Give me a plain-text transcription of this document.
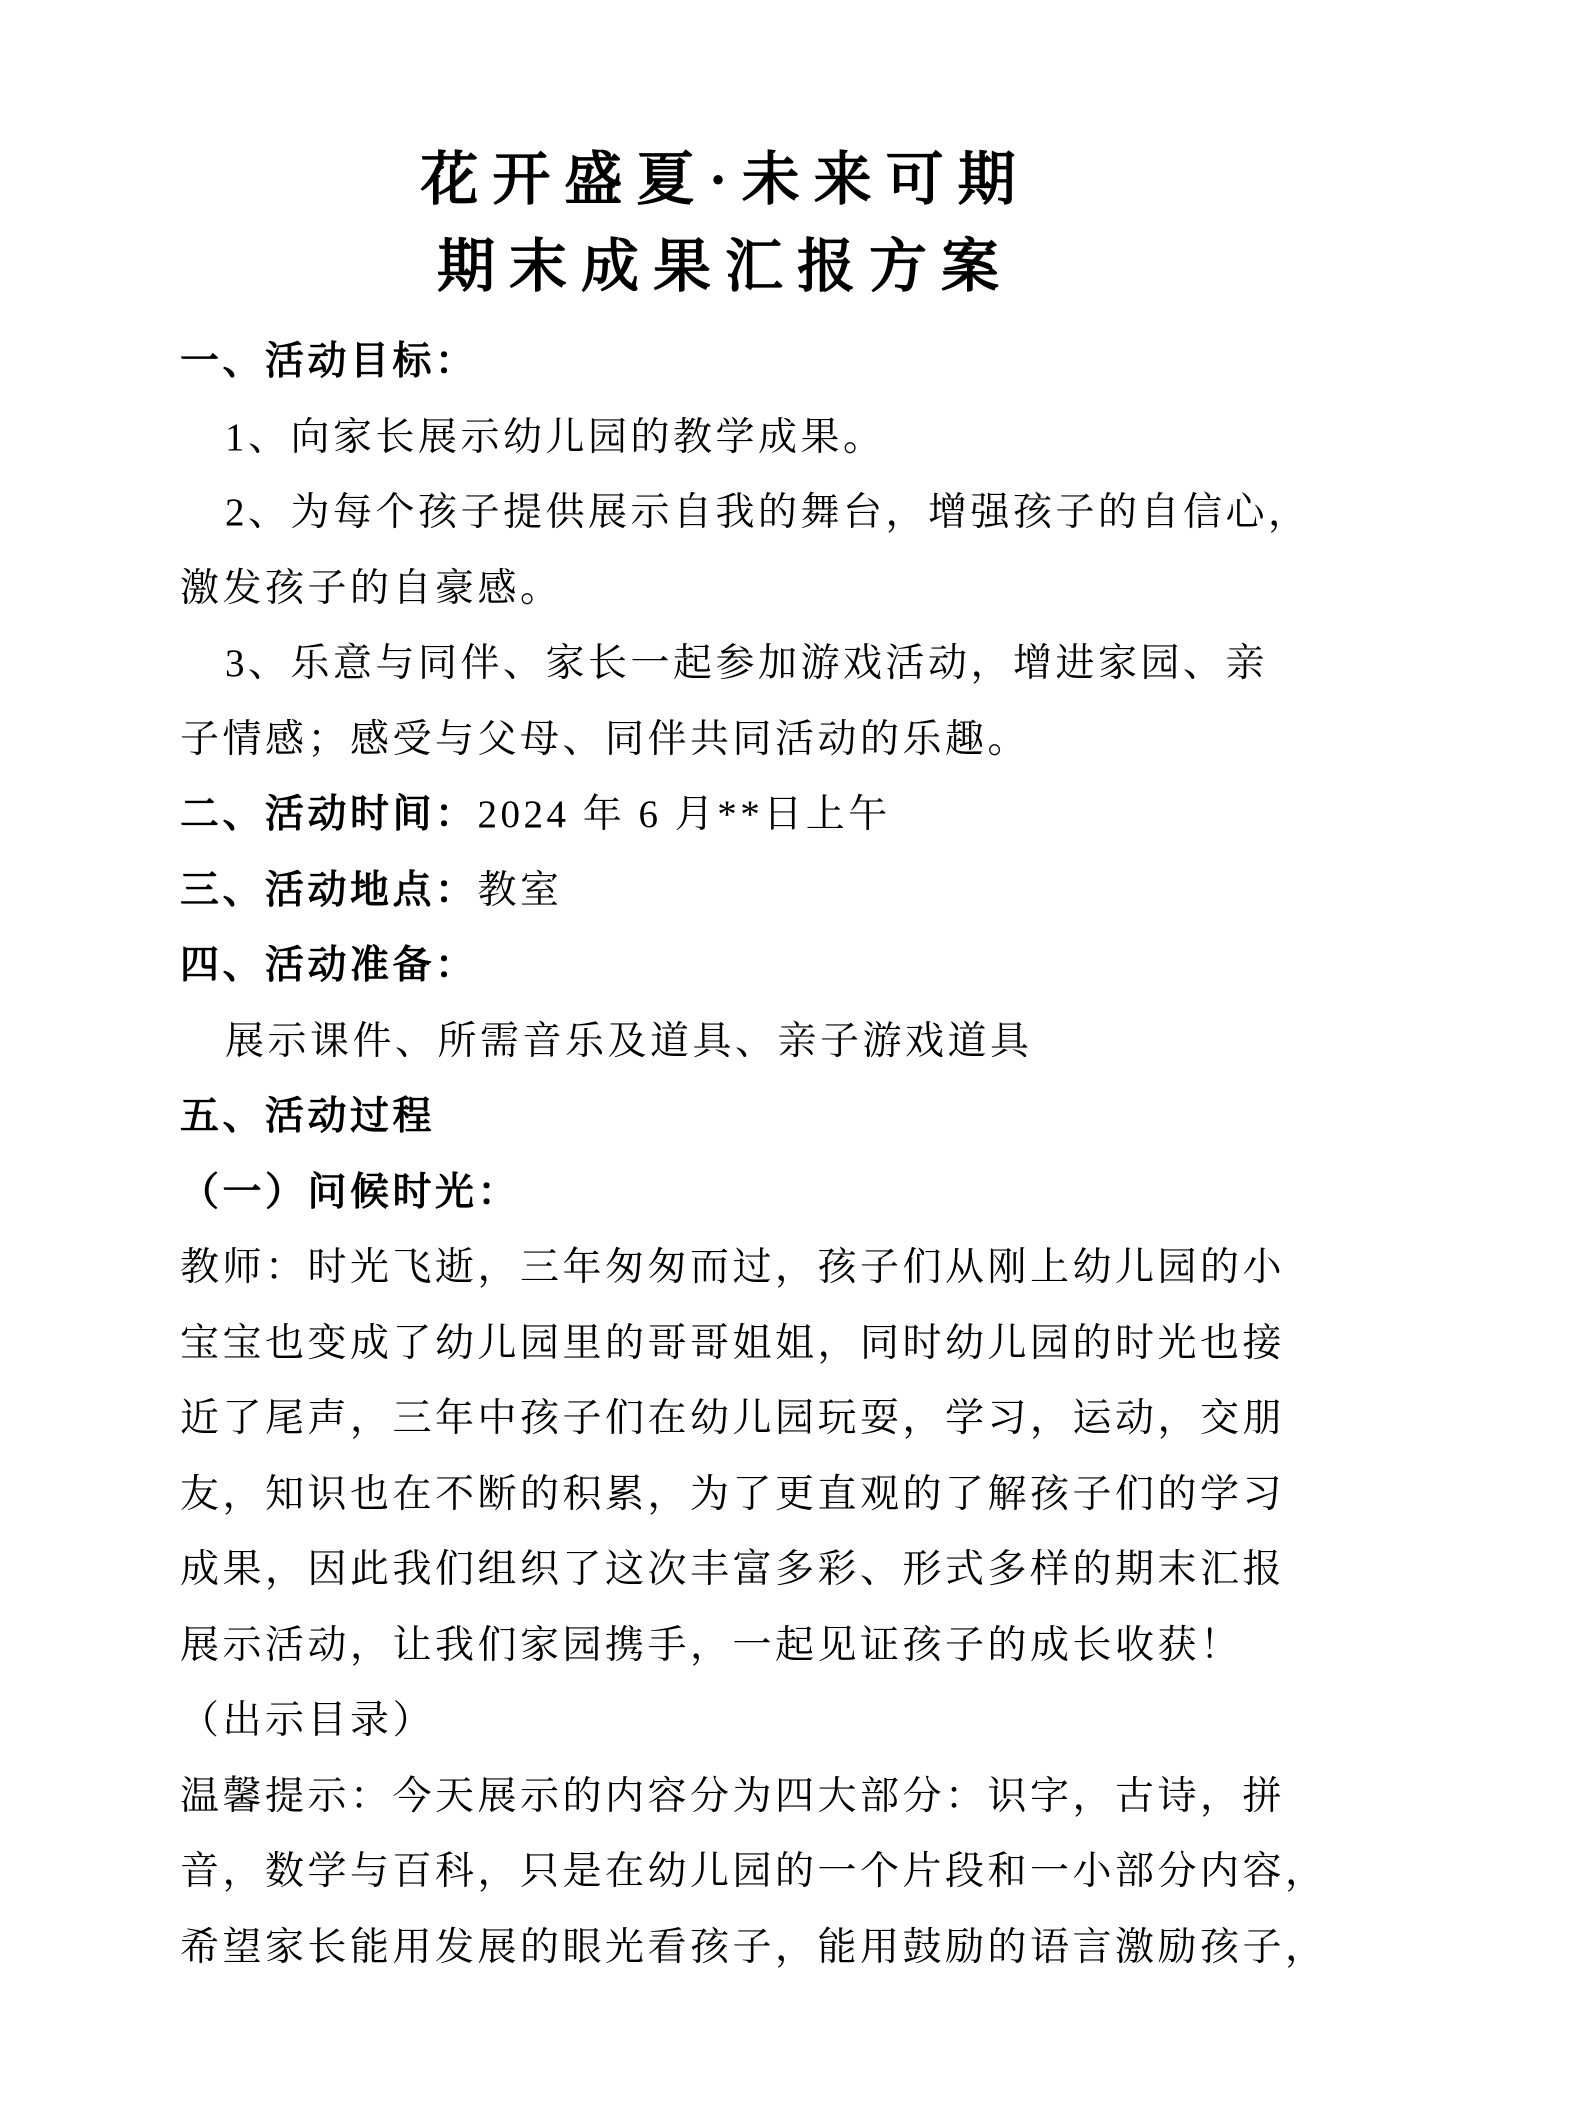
花开盛夏·未来可期
期末成果汇报方案
一、活动目标：
1、向家长展示幼儿园的教学成果。
2、为每个孩子提供展示自我的舞台，增强孩子的自信心，
激发孩子的自豪感。
3、乐意与同伴、家长一起参加游戏活动，增进家园、亲
子情感；感受与父母、同伴共同活动的乐趣。
二、活动时间：2024 年 6 月**日上午
三、活动地点：教室
四、活动准备：
展示课件、所需音乐及道具、亲子游戏道具
五、活动过程
（一）问候时光：
教师：时光飞逝，三年匆匆而过，孩子们从刚上幼儿园的小
宝宝也变成了幼儿园里的哥哥姐姐，同时幼儿园的时光也接
近了尾声，三年中孩子们在幼儿园玩耍，学习，运动，交朋
友，知识也在不断的积累，为了更直观的了解孩子们的学习
成果，因此我们组织了这次丰富多彩、形式多样的期末汇报
展示活动，让我们家园携手，一起见证孩子的成长收获！
（出示目录）
温馨提示：今天展示的内容分为四大部分：识字，古诗，拼
音，数学与百科，只是在幼儿园的一个片段和一小部分内容，
希望家长能用发展的眼光看孩子，能用鼓励的语言激励孩子，
